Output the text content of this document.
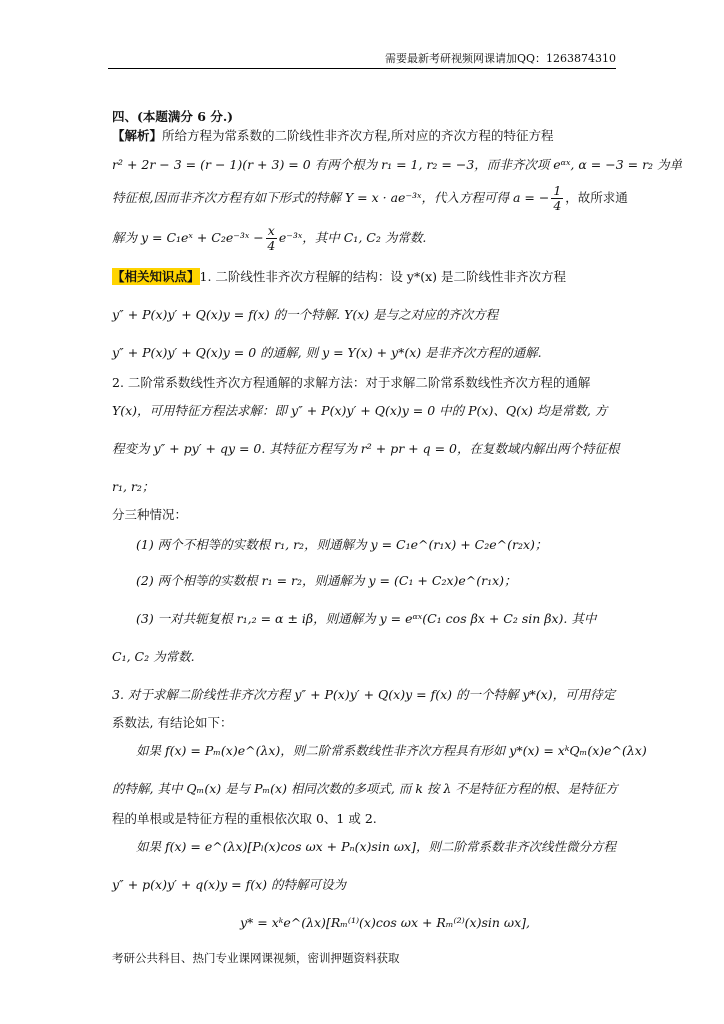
需要最新考研视频网课请加QQ：1263874310
四、(本题满分 6 分.)
【解析】所给方程为常系数的二阶线性非齐次方程,所对应的齐次方程的特征方程
r² + 2r − 3 = (r − 1)(r + 3) = 0 有两个根为 r₁ = 1, r₂ = −3，而非齐次项 eᵅˣ, α = −3 = r₂ 为单
特征根,因而非齐次方程有如下形式的特解 Y = x · ae⁻³ˣ，代入方程可得 a = − $\frac{1}{4}$ ，故所求通
解为 y = C₁eˣ + C₂e⁻³ˣ − $\frac{x}{4}$ e⁻³ˣ，其中 C₁, C₂ 为常数.
【相关知识点】1. 二阶线性非齐次方程解的结构：设 y*(x) 是二阶线性非齐次方程
y″ + P(x)y′ + Q(x)y = f(x) 的一个特解. Y(x) 是与之对应的齐次方程
y″ + P(x)y′ + Q(x)y = 0 的通解, 则 y = Y(x) + y*(x) 是非齐次方程的通解.
2. 二阶常系数线性齐次方程通解的求解方法：对于求解二阶常系数线性齐次方程的通解
Y(x)，可用特征方程法求解：即 y″ + P(x)y′ + Q(x)y = 0 中的 P(x)、Q(x) 均是常数, 方
程变为 y″ + py′ + qy = 0. 其特征方程写为 r² + pr + q = 0，在复数域内解出两个特征根
r₁, r₂；
分三种情况：
(1) 两个不相等的实数根 r₁, r₂，则通解为 y = C₁e^(r₁x) + C₂e^(r₂x)；
(2) 两个相等的实数根 r₁ = r₂，则通解为 y = (C₁ + C₂x)e^(r₁x)；
(3) 一对共轭复根 r₁,₂ = α ± iβ，则通解为 y = eᵅˣ(C₁ cos βx + C₂ sin βx). 其中
C₁, C₂ 为常数.
3. 对于求解二阶线性非齐次方程 y″ + P(x)y′ + Q(x)y = f(x) 的一个特解 y*(x)，可用待定
系数法, 有结论如下：
如果 f(x) = Pₘ(x)e^(λx)，则二阶常系数线性非齐次方程具有形如 y*(x) = xᵏQₘ(x)e^(λx)
的特解, 其中 Qₘ(x) 是与 Pₘ(x) 相同次数的多项式, 而 k 按 λ 不是特征方程的根、是特征方
程的单根或是特征方程的重根依次取 0、1 或 2.
如果 f(x) = e^(λx)[Pₗ(x)cos ωx + Pₙ(x)sin ωx]，则二阶常系数非齐次线性微分方程
y″ + p(x)y′ + q(x)y = f(x) 的特解可设为
y* = xᵏe^(λx)[Rₘ⁽¹⁾(x)cos ωx + Rₘ⁽²⁾(x)sin ωx],
考研公共科目、热门专业课网课视频，密训押题资料获取
